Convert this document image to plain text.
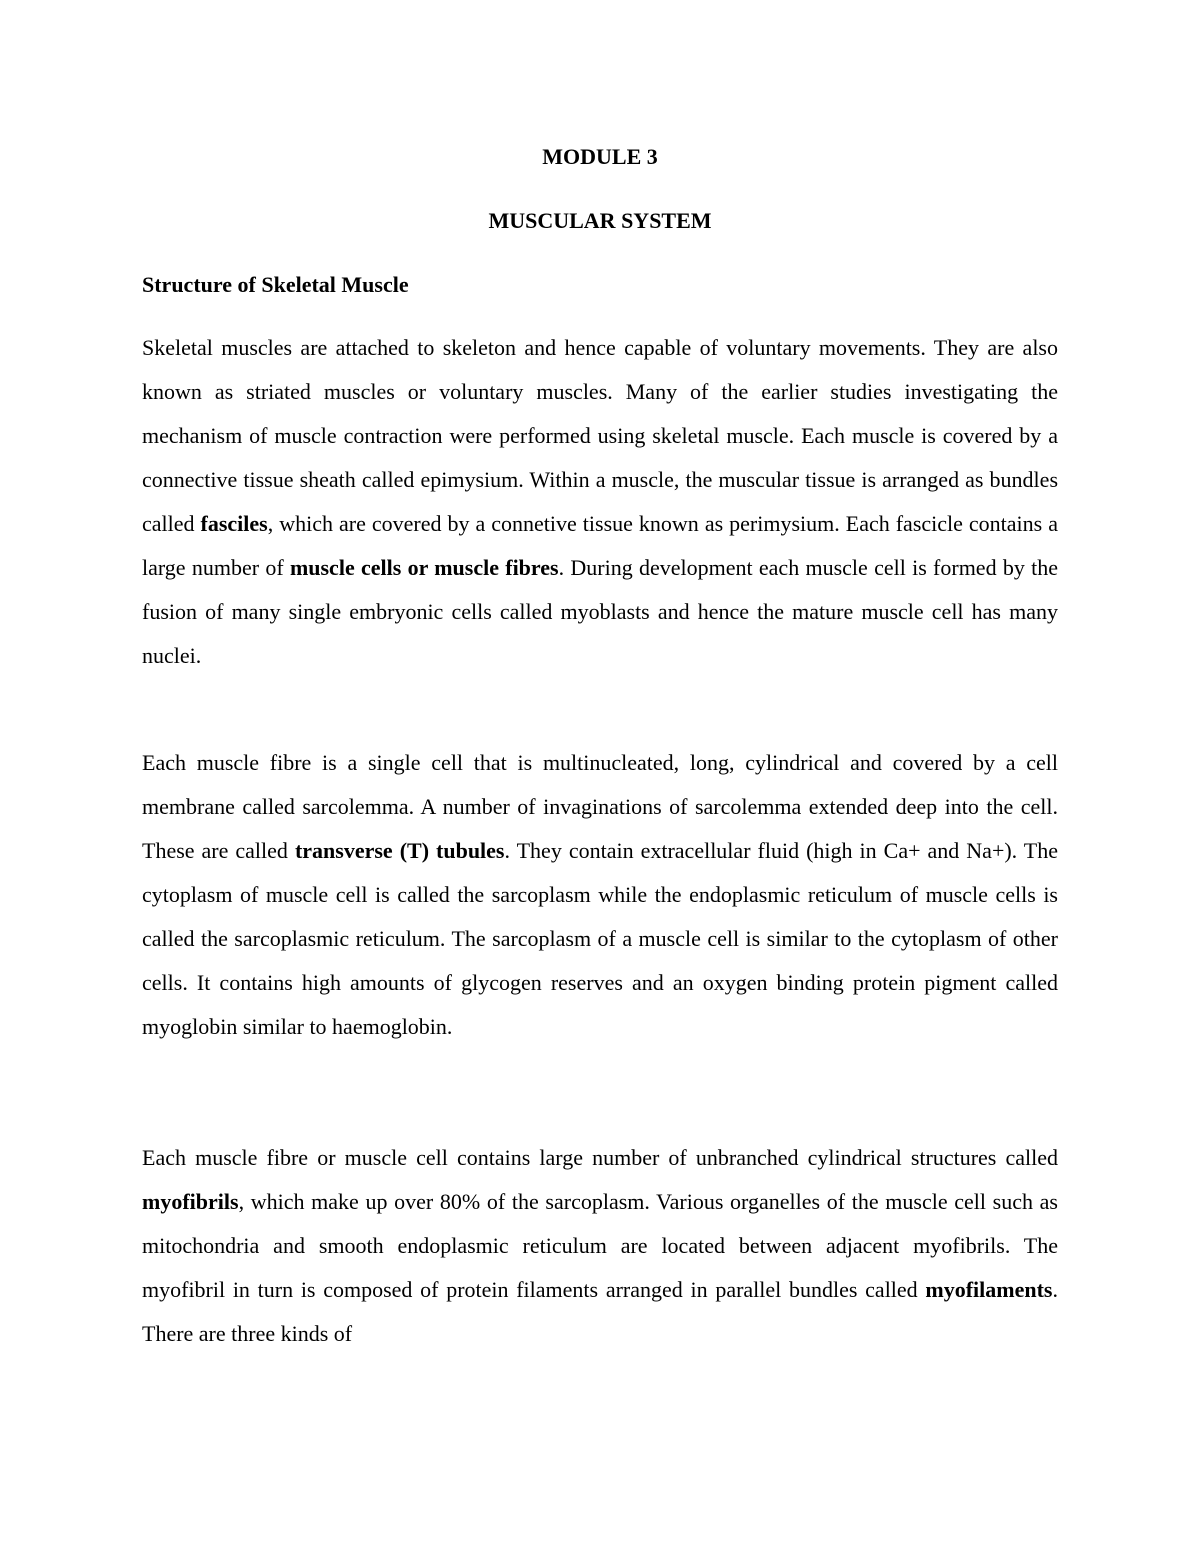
MODULE 3
MUSCULAR SYSTEM
Structure of Skeletal Muscle

Skeletal muscles are attached to skeleton and hence capable of voluntary movements. They are also known as striated muscles or voluntary muscles. Many of the earlier studies investigating the mechanism of muscle contraction were performed using skeletal muscle. Each muscle is covered by a connective tissue sheath called epimysium. Within a muscle, the muscular tissue is arranged as bundles called fasciles, which are covered by a connetive tissue known as perimysium. Each fascicle contains a large number of muscle cells or muscle fibres. During development each muscle cell is formed by the fusion of many single embryonic cells called myoblasts and hence the mature muscle cell has many nuclei.

Each muscle fibre is a single cell that is multinucleated, long, cylindrical and covered by a cell membrane called sarcolemma. A number of invaginations of sarcolemma extended deep into the cell. These are called transverse (T) tubules. They contain extracellular fluid (high in Ca+ and Na+). The cytoplasm of muscle cell is called the sarcoplasm while the endoplasmic reticulum of muscle cells is called the sarcoplasmic reticulum. The sarcoplasm of a muscle cell is similar to the cytoplasm of other cells. It contains high amounts of glycogen reserves and an oxygen binding protein pigment called myoglobin similar to haemoglobin.

Each muscle fibre or muscle cell contains large number of unbranched cylindrical structures called myofibrils, which make up over 80% of the sarcoplasm. Various organelles of the muscle cell such as mitochondria and smooth endoplasmic reticulum are located between adjacent myofibrils. The myofibril in turn is composed of protein filaments arranged in parallel bundles called myofilaments. There are three kinds of
